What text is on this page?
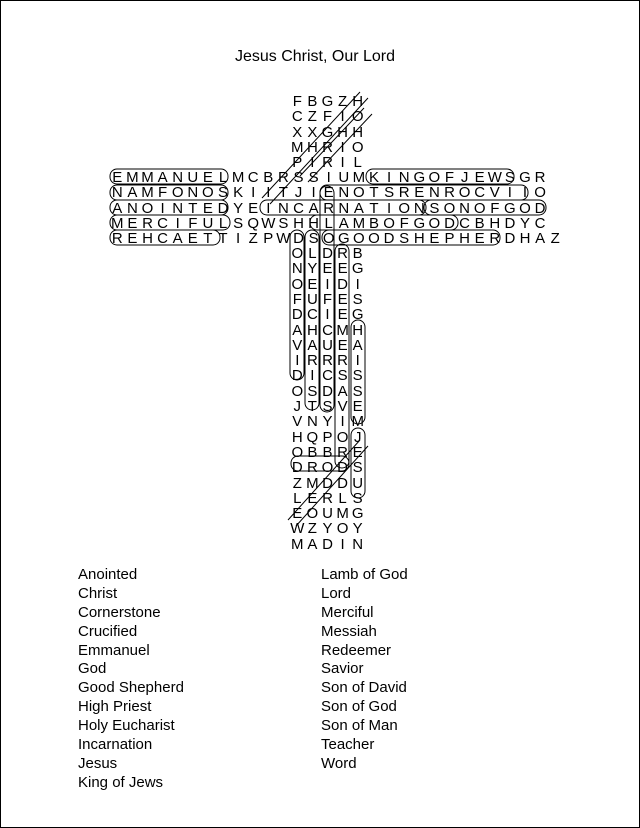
Jesus Christ, Our Lord
F B G Z H
C Z F I O
X X G H H
M H R I O
P I R I L
E M M A N U E L M C B R S S I U M K I N G O F J E W S G R
N A M F O N O S K I I T J I E N O T S R E N R O C V I I O
A N O I N T E D Y E I N C A R N A T I O N S O N O F G O D
M E R C I F U L S Q W S H H L A M B O F G O D C B H D Y C
R E H C A E T T I Z P W D S O G O O D S H E P H E R D H A Z
O L D R B
N Y E E G
O E I D I
F U F E S
D C I E G
A H C M H
V A U E A
I R R R I
D I C S S
O S D A S
J T S V E
V N Y I M
H Q P O J
O B B R E
D R O D S
Z M D D U
L E R L S
E O U M G
W Z Y O Y
M A D I N
Anointed
Christ
Cornerstone
Crucified
Emmanuel
God
Good Shepherd
High Priest
Holy Eucharist
Incarnation
Jesus
King of Jews
Lamb of God
Lord
Merciful
Messiah
Redeemer
Savior
Son of David
Son of God
Son of Man
Teacher
Word
